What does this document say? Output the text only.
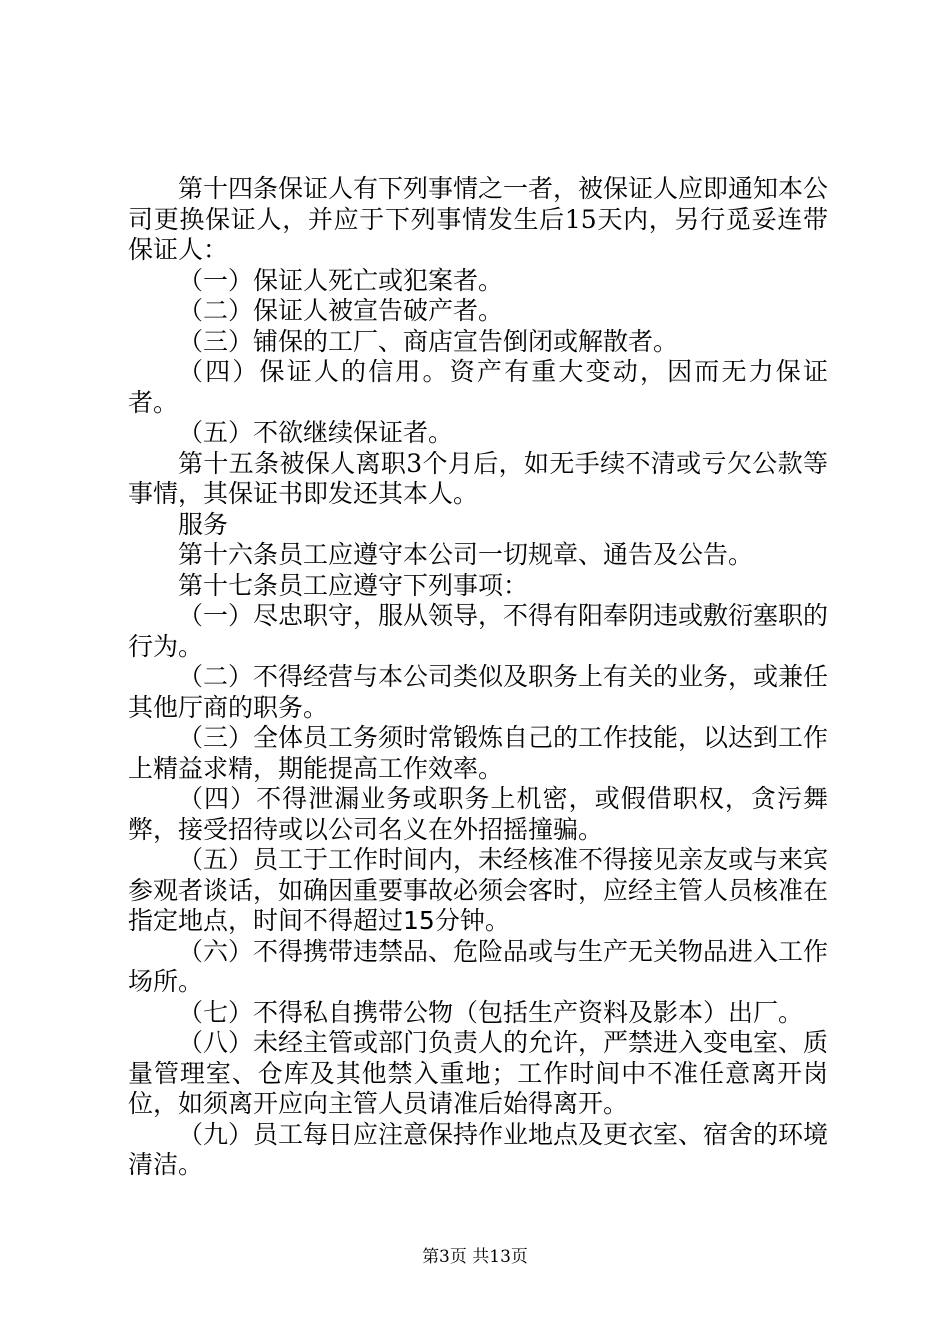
第十四条保证人有下列事情之一者，被保证人应即通知本公司更换保证人，并应于下列事情发生后15天内，另行觅妥连带保证人：

（一）保证人死亡或犯案者。

（二）保证人被宣告破产者。

（三）铺保的工厂、商店宣告倒闭或解散者。

（四）保证人的信用。资产有重大变动，因而无力保证者。

（五）不欲继续保证者。

第十五条被保人离职3个月后，如无手续不清或亏欠公款等事情，其保证书即发还其本人。

服务

第十六条员工应遵守本公司一切规章、通告及公告。

第十七条员工应遵守下列事项：

（一）尽忠职守，服从领导，不得有阳奉阴违或敷衍塞职的行为。

（二）不得经营与本公司类似及职务上有关的业务，或兼任其他厅商的职务。

（三）全体员工务须时常锻炼自己的工作技能，以达到工作上精益求精，期能提高工作效率。

（四）不得泄漏业务或职务上机密，或假借职权，贪污舞弊，接受招待或以公司名义在外招摇撞骗。

（五）员工于工作时间内，未经核准不得接见亲友或与来宾参观者谈话，如确因重要事故必须会客时，应经主管人员核准在指定地点，时间不得超过15分钟。

（六）不得携带违禁品、危险品或与生产无关物品进入工作场所。

（七）不得私自携带公物（包括生产资料及影本）出厂。

（八）未经主管或部门负责人的允许，严禁进入变电室、质量管理室、仓库及其他禁入重地；工作时间中不准任意离开岗位，如须离开应向主管人员请准后始得离开。

（九）员工每日应注意保持作业地点及更衣室、宿舍的环境清洁。

第3页 共13页
